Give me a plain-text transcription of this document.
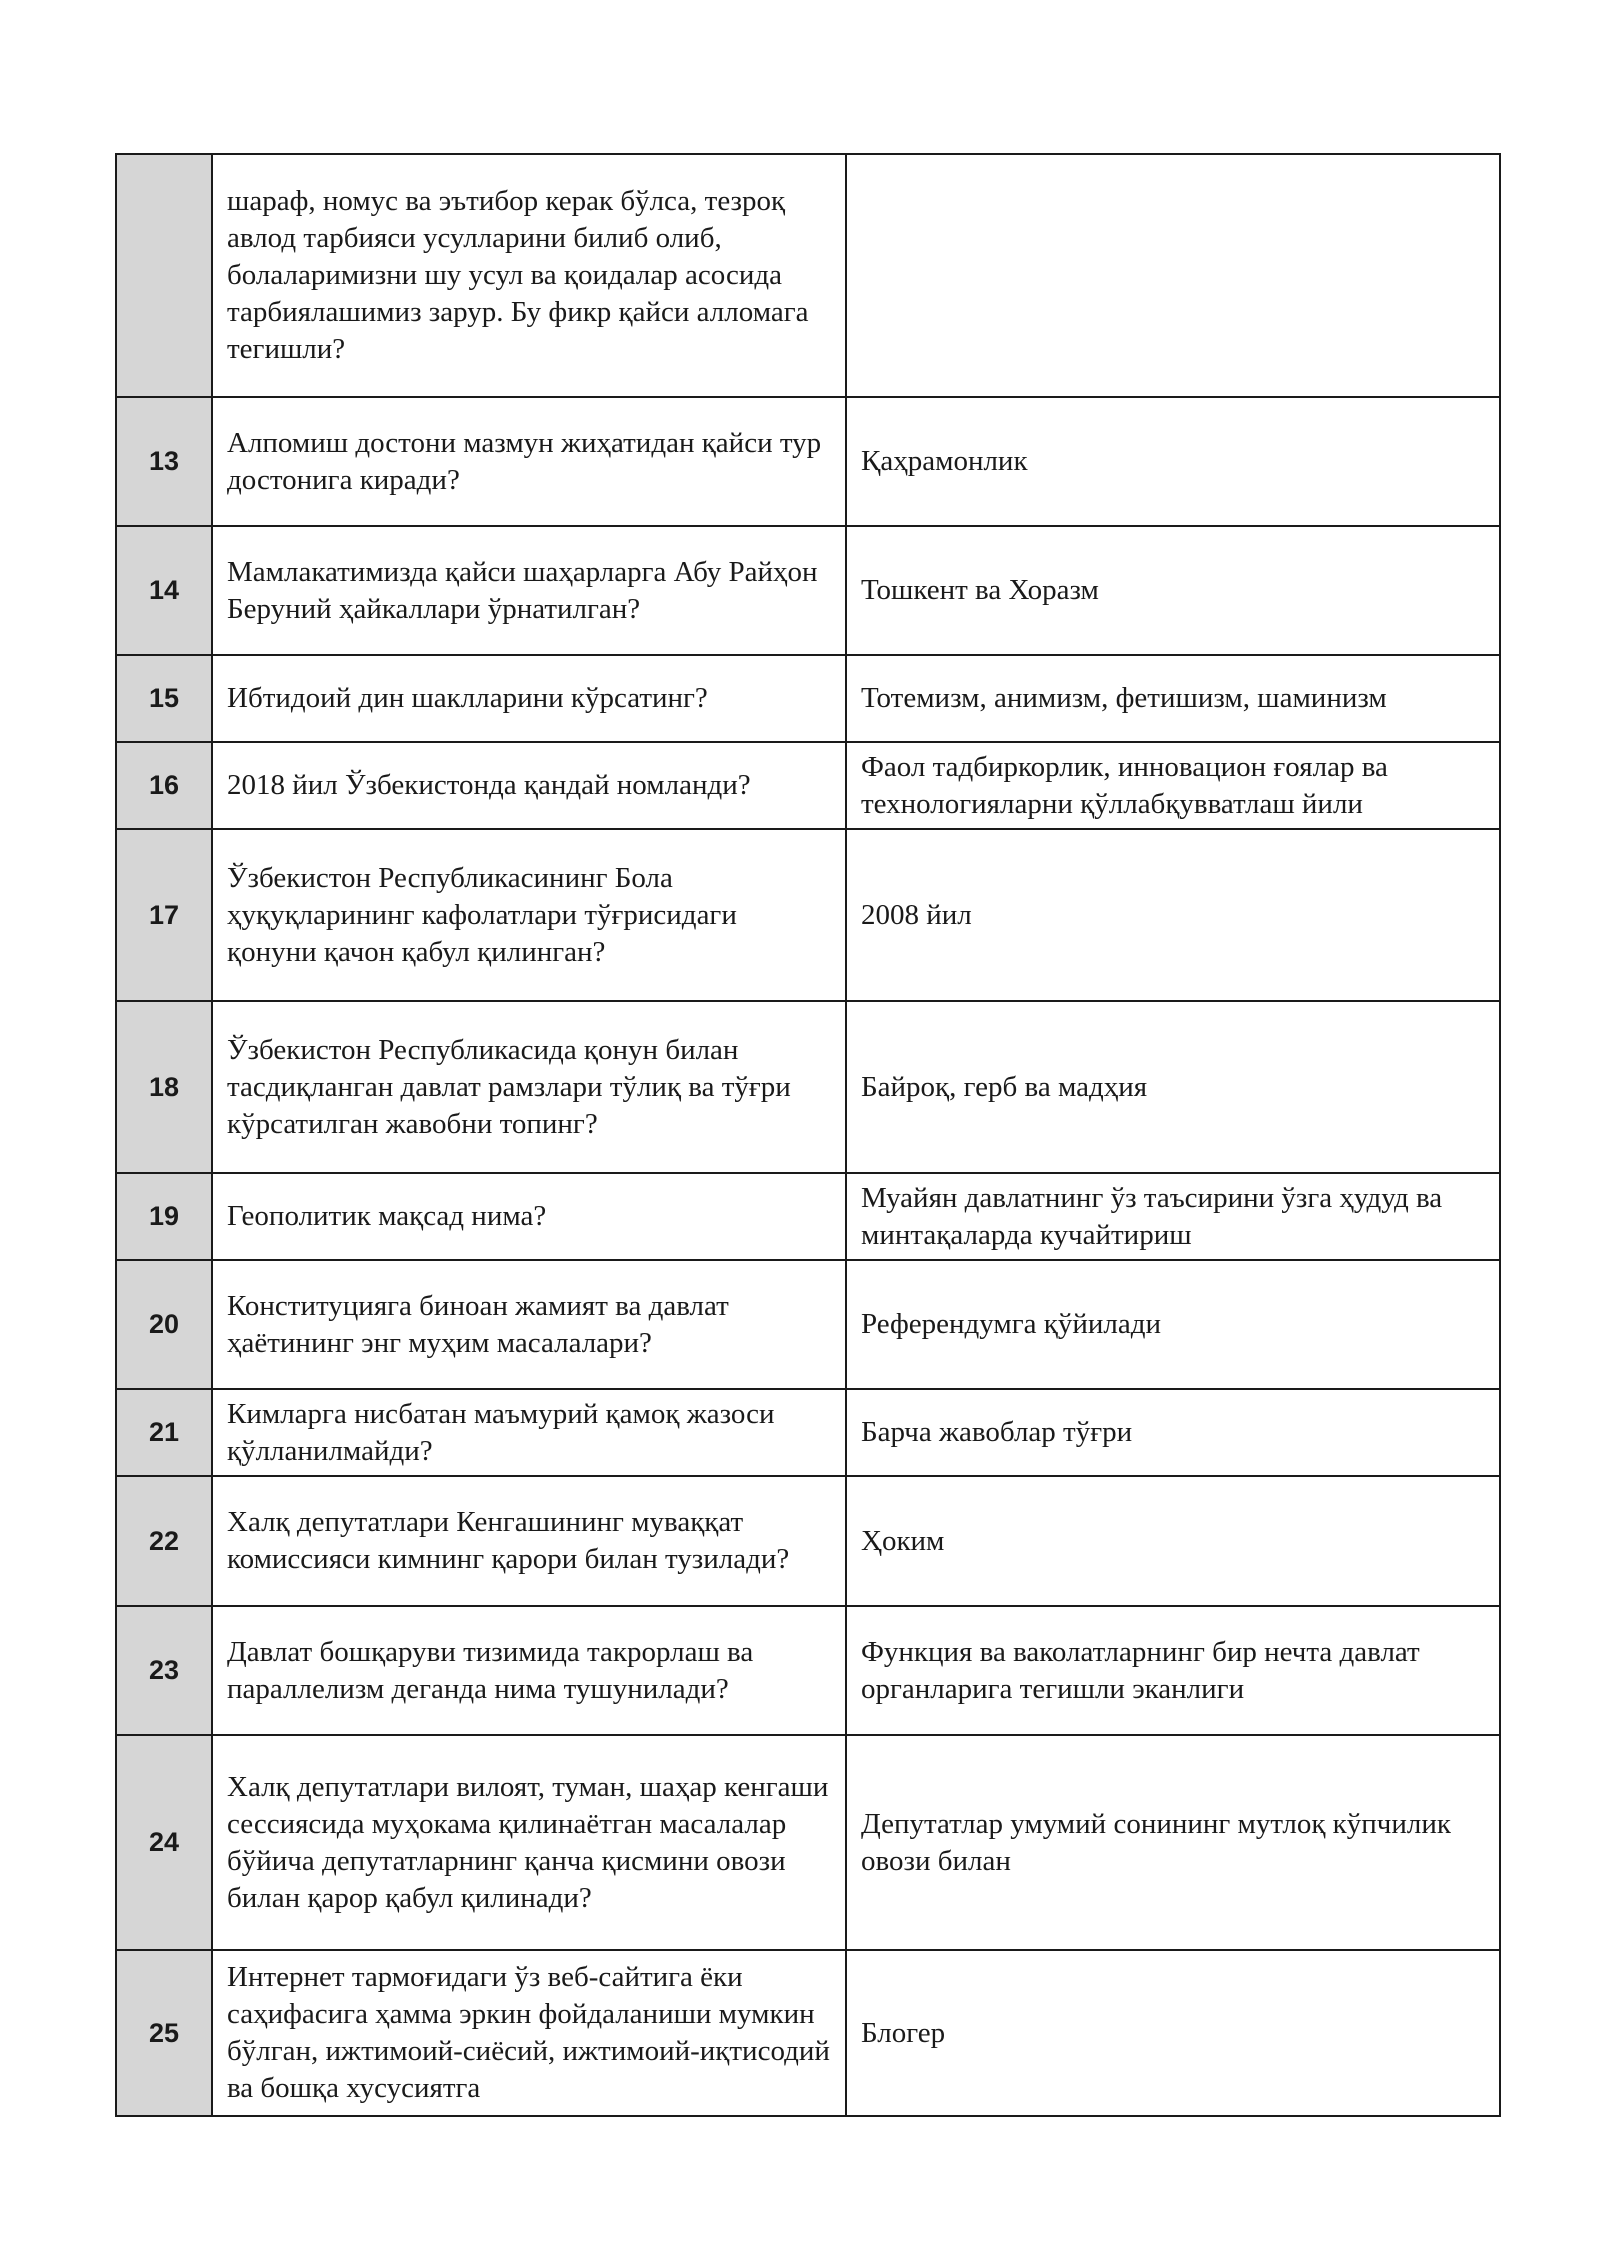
	шараф, номус ва эътибор керак бўлса, тезроқ авлод тарбияси усулларини билиб олиб, болаларимизни шу усул ва қоидалар асосида тарбиялашимиз зарур. Бу фикр қайси алломага тегишли?	
13	Алпомиш достони мазмун жиҳатидан қайси тур достонига киради?	Қаҳрамонлик
14	Мамлакатимизда қайси шаҳарларга Абу Райҳон Беруний ҳайкаллари ўрнатилган?	Тошкент ва Хоразм
15	Ибтидоий дин шаклларини кўрсатинг?	Тотемизм, анимизм, фетишизм, шаминизм
16	2018 йил Ўзбекистонда қандай номланди?	Фаол тадбиркорлик, инновацион ғоялар ва технологияларни қўллабқувватлаш йили
17	Ўзбекистон Республикасининг Бола ҳуқуқларининг кафолатлари тўғрисидаги қонуни қачон қабул қилинган?	2008 йил
18	Ўзбекистон Республикасида қонун билан тасдиқланган давлат рамзлари тўлиқ ва тўғри кўрсатилган жавобни топинг?	Байроқ, герб ва мадҳия
19	Геополитик мақсад нима?	Муайян давлатнинг ўз таъсирини ўзга ҳудуд ва минтақаларда кучайтириш
20	Конституцияга биноан жамият ва давлат ҳаётининг энг муҳим масалалари?	Референдумга қўйилади
21	Кимларга нисбатан маъмурий қамоқ жазоси қўлланилмайди?	Барча жавоблар тўғри
22	Халқ депутатлари Кенгашининг муваққат комиссияси кимнинг қарори билан тузилади?	Ҳоким
23	Давлат бошқаруви тизимида такрорлаш ва параллелизм деганда нима тушунилади?	Функция ва ваколатларнинг бир нечта давлат органларига тегишли эканлиги
24	Халқ депутатлари вилоят, туман, шаҳар кенгаши сессиясида муҳокама қилинаётган масалалар бўйича депутатларнинг қанча қисмини овози билан қарор қабул қилинади?	Депутатлар умумий сонининг мутлоқ кўпчилик овози билан
25	Интернет тармоғидаги ўз веб-сайтига ёки саҳифасига ҳамма эркин фойдаланиши мумкин бўлган, ижтимоий-сиёсий, ижтимоий-иқтисодий ва бошқа хусусиятга	Блогер
